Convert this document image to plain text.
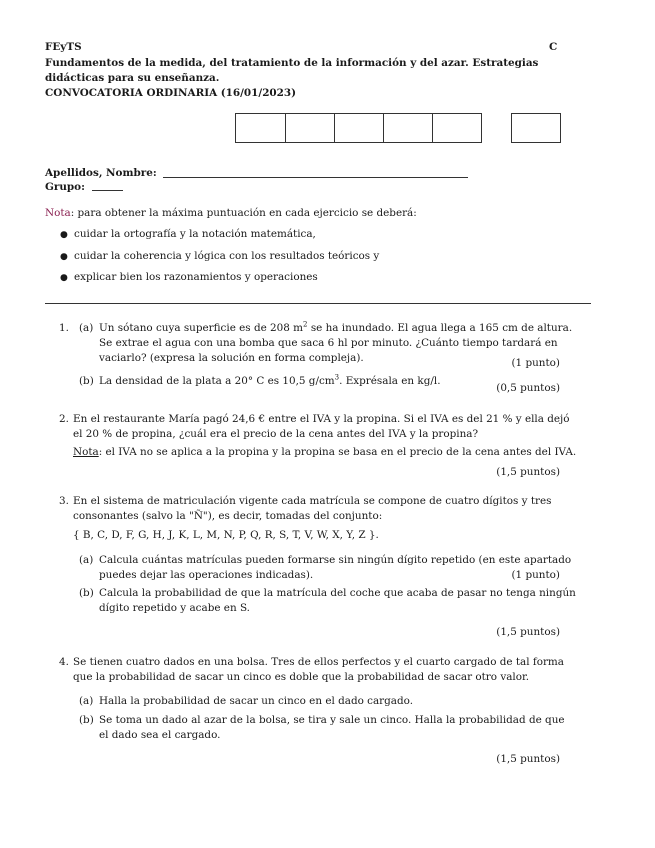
FEyTS	C
Fundamentos de la medida, del tratamiento de la información y del azar. Estrategias
didácticas para su enseñanza.
CONVOCATORIA ORDINARIA (16/01/2023)
Apellidos, Nombre:
Grupo:
Nota: para obtener la máxima puntuación en cada ejercicio se deberá:
● cuidar la ortografía y la notación matemática,
● cuidar la coherencia y lógica con los resultados teóricos y
● explicar bien los razonamientos y operaciones
1. (a) Un sótano cuya superficie es de 208 $m^2$ se ha inundado. El agua llega a 165 cm de altura.
Se extrae el agua con una bomba que saca 6 hl por minuto. ¿Cuánto tiempo tardará en
vaciarlo? (expresa la solución en forma compleja).	(1 punto)
(b) La densidad de la plata a 20° C es 10,5 $g/cm^3$. Exprésala en kg/l.
(0,5 puntos)
2. En el restaurante María pagó 24,6 € entre el IVA y la propina. Si el IVA es del 21 % y ella dejó
el 20 % de propina, ¿cuál era el precio de la cena antes del IVA y la propina?
Nota: el IVA no se aplica a la propina y la propina se basa en el precio de la cena antes del IVA.
(1,5 puntos)
3. En el sistema de matriculación vigente cada matrícula se compone de cuatro dígitos y tres
consonantes (salvo la "Ñ"), es decir, tomadas del conjunto:
{ B, C, D, F, G, H, J, K, L, M, N, P, Q, R, S, T, V, W, X, Y, Z }.
(a) Calcula cuántas matrículas pueden formarse sin ningún dígito repetido (en este apartado
puedes dejar las operaciones indicadas).	(1 punto)
(b) Calcula la probabilidad de que la matrícula del coche que acaba de pasar no tenga ningún
dígito repetido y acabe en S.
(1,5 puntos)
4. Se tienen cuatro dados en una bolsa. Tres de ellos perfectos y el cuarto cargado de tal forma
que la probabilidad de sacar un cinco es doble que la probabilidad de sacar otro valor.
(a) Halla la probabilidad de sacar un cinco en el dado cargado.
(b) Se toma un dado al azar de la bolsa, se tira y sale un cinco. Halla la probabilidad de que
el dado sea el cargado.
(1,5 puntos)
